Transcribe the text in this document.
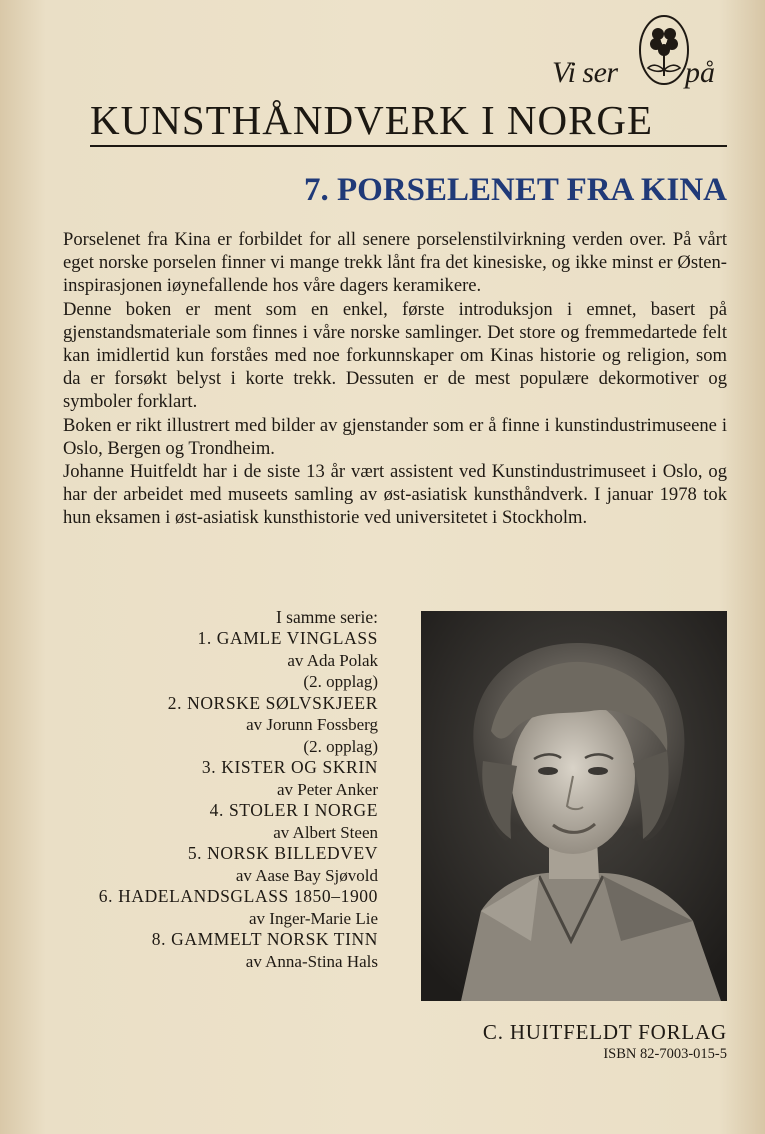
Vi ser på
KUNSTHÅNDVERK I NORGE
7. PORSELENET FRA KINA

Porselenet fra Kina er forbildet for all senere porselenstilvirkning verden over. På vårt eget norske porselen finner vi mange trekk lånt fra det kinesiske, og ikke minst er Østen-inspirasjonen iøynefallende hos våre dagers keramikere.

Denne boken er ment som en enkel, første introduksjon i emnet, basert på gjenstandsmateriale som finnes i våre norske samlinger. Det store og fremmedartede felt kan imidlertid kun forståes med noe forkunnskaper om Kinas historie og religion, som da er forsøkt belyst i korte trekk. Dessuten er de mest populære dekormotiver og symboler forklart.

Boken er rikt illustrert med bilder av gjenstander som er å finne i kunstindustrimuseene i Oslo, Bergen og Trondheim.

Johanne Huitfeldt har i de siste 13 år vært assistent ved Kunstindustrimuseet i Oslo, og har der arbeidet med museets samling av øst-asiatisk kunsthåndverk. I januar 1978 tok hun eksamen i øst-asiatisk kunsthistorie ved universitetet i Stockholm.

I samme serie:
1. GAMLE VINGLASS
av Ada Polak
(2. opplag)
2. NORSKE SØLVSKJEER
av Jorunn Fossberg
(2. opplag)
3. KISTER OG SKRIN
av Peter Anker
4. STOLER I NORGE
av Albert Steen
5. NORSK BILLEDVEV
av Aase Bay Sjøvold
6. HADELANDSGLASS 1850–1900
av Inger-Marie Lie
8. GAMMELT NORSK TINN
av Anna-Stina Hals
C. HUITFELDT FORLAG
ISBN 82-7003-015-5
